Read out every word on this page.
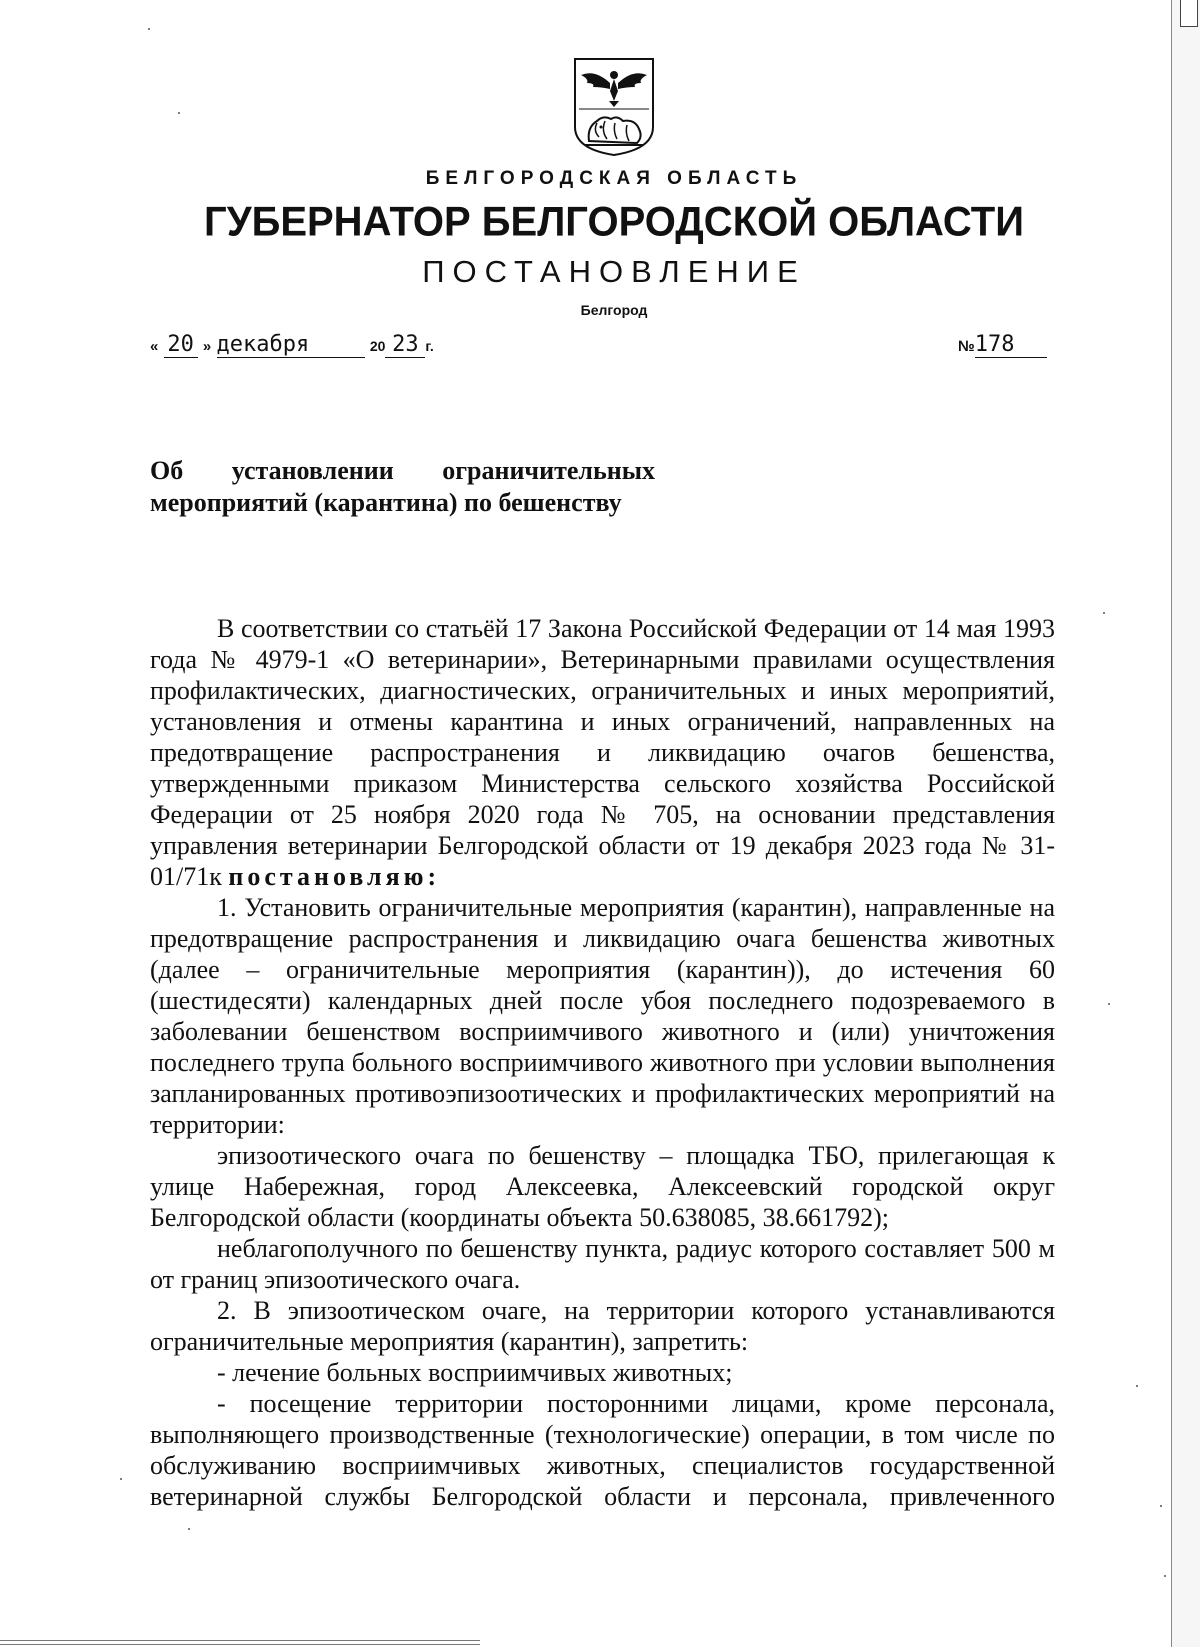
БЕЛГОРОДСКАЯ ОБЛАСТЬ
ГУБЕРНАТОР БЕЛГОРОДСКОЙ ОБЛАСТИ
ПОСТАНОВЛЕНИЕ
Белгород
« 20 » декабря	20 23 г.	№178
Об установлении ограничительных
мероприятий (карантина) по бешенству

В соответствии со статьёй 17 Закона Российской Федерации от 14 мая 1993 года № 4979-1 «О ветеринарии», Ветеринарными правилами осуществления профилактических, диагностических, ограничительных и иных мероприятий, установления и отмены карантина и иных ограничений, направленных на предотвращение распространения и ликвидацию очагов бешенства, утвержденными приказом Министерства сельского хозяйства Российской Федерации от 25 ноября 2020 года № 705, на основании представления управления ветеринарии Белгородской области от 19 декабря 2023 года № 31-01/71к постановляю:

1. Установить ограничительные мероприятия (карантин), направленные на предотвращение распространения и ликвидацию очага бешенства животных (далее – ограничительные мероприятия (карантин)), до истечения 60 (шестидесяти) календарных дней после убоя последнего подозреваемого в заболевании бешенством восприимчивого животного и (или) уничтожения последнего трупа больного восприимчивого животного при условии выполнения запланированных противоэпизоотических и профилактических мероприятий на территории:

эпизоотического очага по бешенству – площадка ТБО, прилегающая к улице Набережная, город Алексеевка, Алексеевский городской округ Белгородской области (координаты объекта 50.638085, 38.661792);

неблагополучного по бешенству пункта, радиус которого составляет 500 м от границ эпизоотического очага.

2. В эпизоотическом очаге, на территории которого устанавливаются ограничительные мероприятия (карантин), запретить:

- лечение больных восприимчивых животных;

- посещение территории посторонними лицами, кроме персонала, выполняющего производственные (технологические) операции, в том числе по обслуживанию восприимчивых животных, специалистов государственной ветеринарной службы Белгородской области и персонала, привлеченного
